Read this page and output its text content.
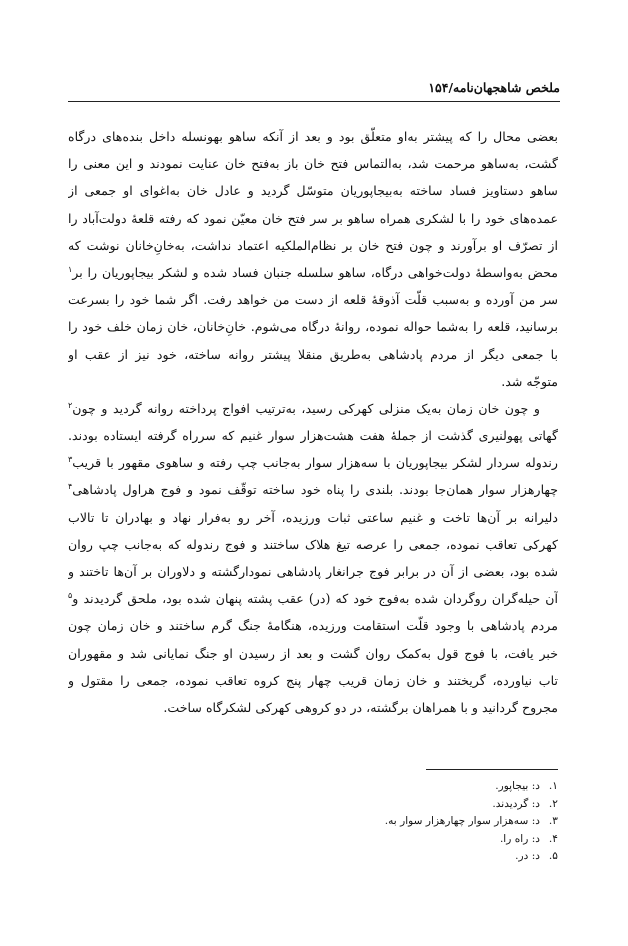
ملخص شاهجهان‌نامه/۱۵۴
بعضی محال را که پیشتر به‌او متعلّق بود و بعد از آنکه ساهو بهونسله داخل بنده‌های درگاه
گشت، به‌ساهو مرحمت شد، به‌التماس فتح خان باز به‌فتح خان عنایت نمودند و این معنی را
ساهو دستاویز فساد ساخته به‌بیجاپوریان متوسّل گردید و عادل خان به‌اغوای او جمعی از
عمده‌های خود را با لشکری همراه ساهو بر سر فتح خان معیّن نمود که رفته قلعهٔ دولت‌آباد را
از تصرّف او برآورند و چون فتح خان بر نظام‌الملکیه اعتماد نداشت، به‌خانِ‌خانان نوشت که
محض به‌واسطهٔ دولت‌خواهی درگاه، ساهو سلسله جنبان فساد شده و لشکر بیجاپوریان را بر$^۱$
سر من آورده و به‌سبب قلّت آذوقهٔ قلعه از دست من خواهد رفت. اگر شما خود را بسرعت
برسانید، قلعه را به‌شما حواله نموده، روانهٔ درگاه می‌شوم. خانِ‌خانان، خان زمان خلف خود را
با جمعی دیگر از مردم پادشاهی به‌طریق منقلا پیشتر روانه ساخته، خود نیز از عقب او
متوجّه شد.
و چون خان زمان به‌یک منزلی کهرکی رسید، به‌ترتیب افواج پرداخته روانه گردید و چون$^۲$
گهاتی پهولنیری گذشت از جملهٔ هفت هشت‌هزار سوار غنیم که سرراه گرفته ایستاده بودند.
رندوله سردار لشکر بیجاپوریان با سه‌هزار سوار به‌جانب چپ رفته و ساهوی مقهور با قریب$^۳$
چهارهزار سوار همان‌جا بودند. بلندی را پناه خود ساخته توقّف نمود و فوج هراول پادشاهی$^۴$
دلیرانه بر آن‌ها تاخت و غنیم ساعتی ثبات ورزیده، آخر رو به‌فرار نهاد و بهادران تا تالاب
کهرکی تعاقب نموده، جمعی را عرصه تیغ هلاک ساختند و فوج رندوله که به‌جانب چپ روان
شده بود، بعضی از آن در برابر فوج جرانغار پادشاهی نمودارگشته و دلاوران بر آن‌ها تاختند و
آن حیله‌گران روگردان شده به‌فوج خود که (در) عقب پشته پنهان شده بود، ملحق گردیدند و$^۵$
مردم پادشاهی با وجود قلّت استقامت ورزیده، هنگامهٔ جنگ گرم ساختند و خان زمان چون
خبر یافت، با فوج قول به‌کمک روان گشت و بعد از رسیدن او جنگ نمایانی شد و مقهوران
تاب نیاورده، گریختند و خان زمان قریب چهار پنج کروه تعاقب نموده، جمعی را مقتول و
مجروح گردانید و با همراهان برگشته، در دو کروهی کهرکی لشکرگاه ساخت.
۱.د: بیجاپور.
۲.د: گردیدند.
۳.د: سه‌هزار سوار چهارهزار سوار به.
۴.د: راه را.
۵.د: در.
